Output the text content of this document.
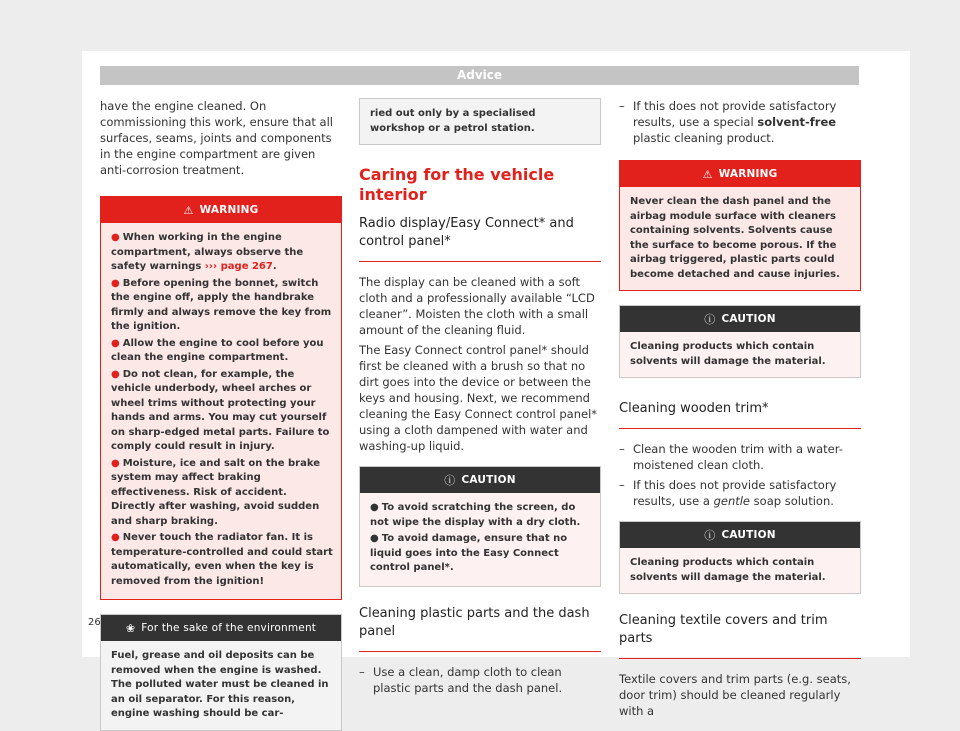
Advice

have the engine cleaned. On commissioning this work, ensure that all surfaces, seams, joints and components in the engine compartment are given anti-corrosion treatment.

⚠ WARNING
● When working in the engine compartment, always observe the safety warnings ››› page 267.
● Before opening the bonnet, switch the engine off, apply the handbrake firmly and always remove the key from the ignition.
● Allow the engine to cool before you clean the engine compartment.
● Do not clean, for example, the vehicle underbody, wheel arches or wheel trims without protecting your hands and arms. You may cut yourself on sharp-edged metal parts. Failure to comply could result in injury.
● Moisture, ice and salt on the brake system may affect braking effectiveness. Risk of accident. Directly after washing, avoid sudden and sharp braking.
● Never touch the radiator fan. It is temperature-controlled and could start automatically, even when the key is removed from the ignition!
❀ For the sake of the environment
Fuel, grease and oil deposits can be removed when the engine is washed. The polluted water must be cleaned in an oil separator. For this reason, engine washing should be car-
ried out only by a specialised workshop or a petrol station.
Caring for the vehicle interior
Radio display/Easy Connect* and control panel*

The display can be cleaned with a soft cloth and a professionally available “LCD cleaner”. Moisten the cloth with a small amount of the cleaning fluid.

The Easy Connect control panel* should first be cleaned with a brush so that no dirt goes into the device or between the keys and housing. Next, we recommend cleaning the Easy Connect control panel* using a cloth dampened with water and washing-up liquid.

ⓘ CAUTION
● To avoid scratching the screen, do not wipe the display with a dry cloth.
● To avoid damage, ensure that no liquid goes into the Easy Connect control panel*.
Cleaning plastic parts and the dash panel
– Use a clean, damp cloth to clean plastic parts and the dash panel.
– If this does not provide satisfactory results, use a special solvent-free plastic cleaning product.
⚠ WARNING
Never clean the dash panel and the airbag module surface with cleaners containing solvents. Solvents cause the surface to become porous. If the airbag triggered, plastic parts could become detached and cause injuries.
ⓘ CAUTION
Cleaning products which contain solvents will damage the material.
Cleaning wooden trim*
– Clean the wooden trim with a water-moistened clean cloth.
– If this does not provide satisfactory results, use a gentle soap solution.
ⓘ CAUTION
Cleaning products which contain solvents will damage the material.
Cleaning textile covers and trim parts

Textile covers and trim parts (e.g. seats, door trim) should be cleaned regularly with a

262
